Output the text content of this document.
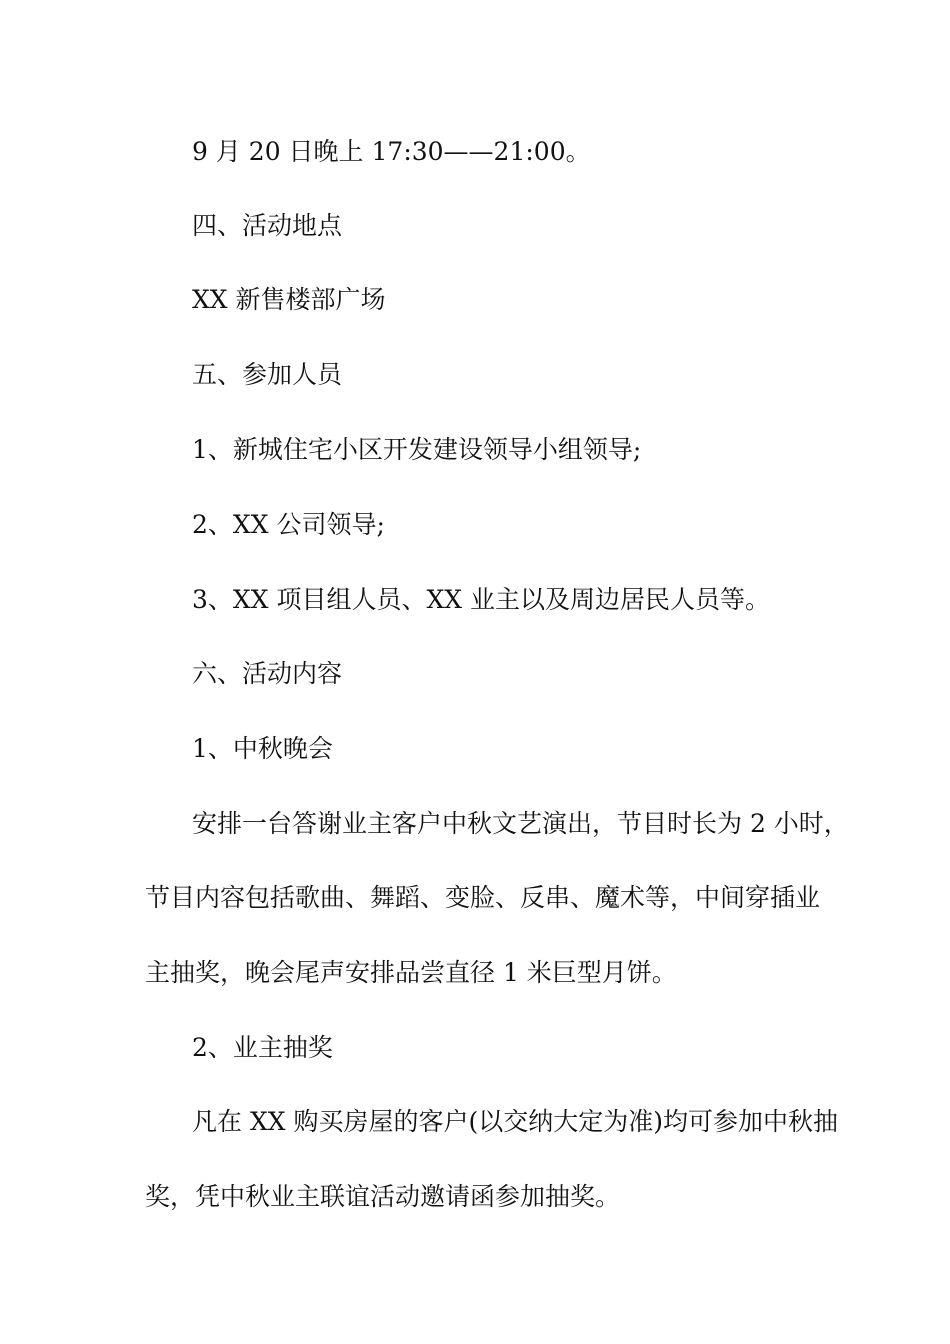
9 月 20 日晚上 17:30——21:00。
四、活动地点
XX 新售楼部广场
五、参加人员
1、新城住宅小区开发建设领导小组领导;
2、XX 公司领导;
3、XX 项目组人员、XX 业主以及周边居民人员等。
六、活动内容
1、中秋晚会
安排一台答谢业主客户中秋文艺演出，节目时长为 2 小时，
节目内容包括歌曲、舞蹈、变脸、反串、魔术等，中间穿插业
主抽奖，晚会尾声安排品尝直径 1 米巨型月饼。
2、业主抽奖
凡在 XX 购买房屋的客户(以交纳大定为准)均可参加中秋抽
奖，凭中秋业主联谊活动邀请函参加抽奖。
